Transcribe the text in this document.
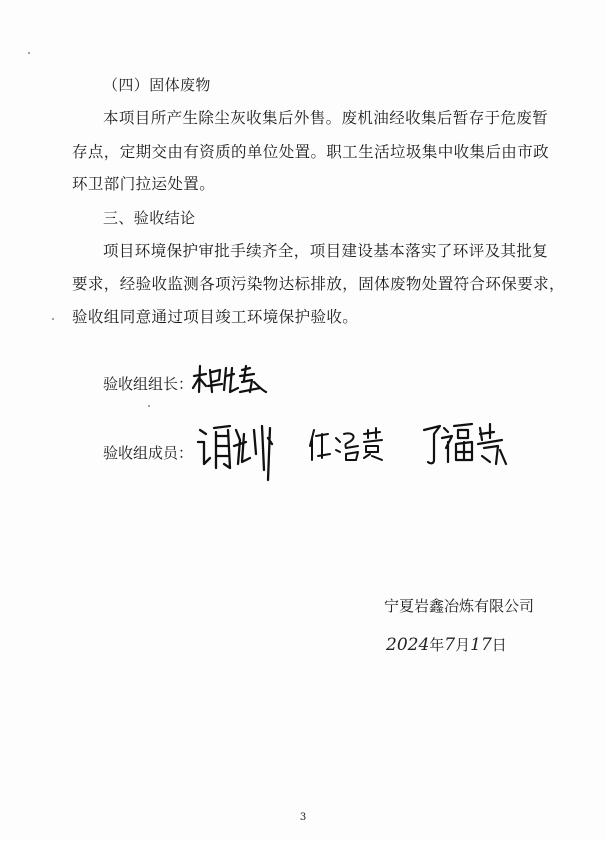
（四）固体废物
本项目所产生除尘灰收集后外售。废机油经收集后暂存于危废暂
存点，定期交由有资质的单位处置。职工生活垃圾集中收集后由市政
环卫部门拉运处置。
三、验收结论
项目环境保护审批手续齐全，项目建设基本落实了环评及其批复
要求，经验收监测各项污染物达标排放，固体废物处置符合环保要求，
验收组同意通过项目竣工环境保护验收。
验收组组长：
验收组成员：
宁夏岩鑫冶炼有限公司
2024年7月17日
3
